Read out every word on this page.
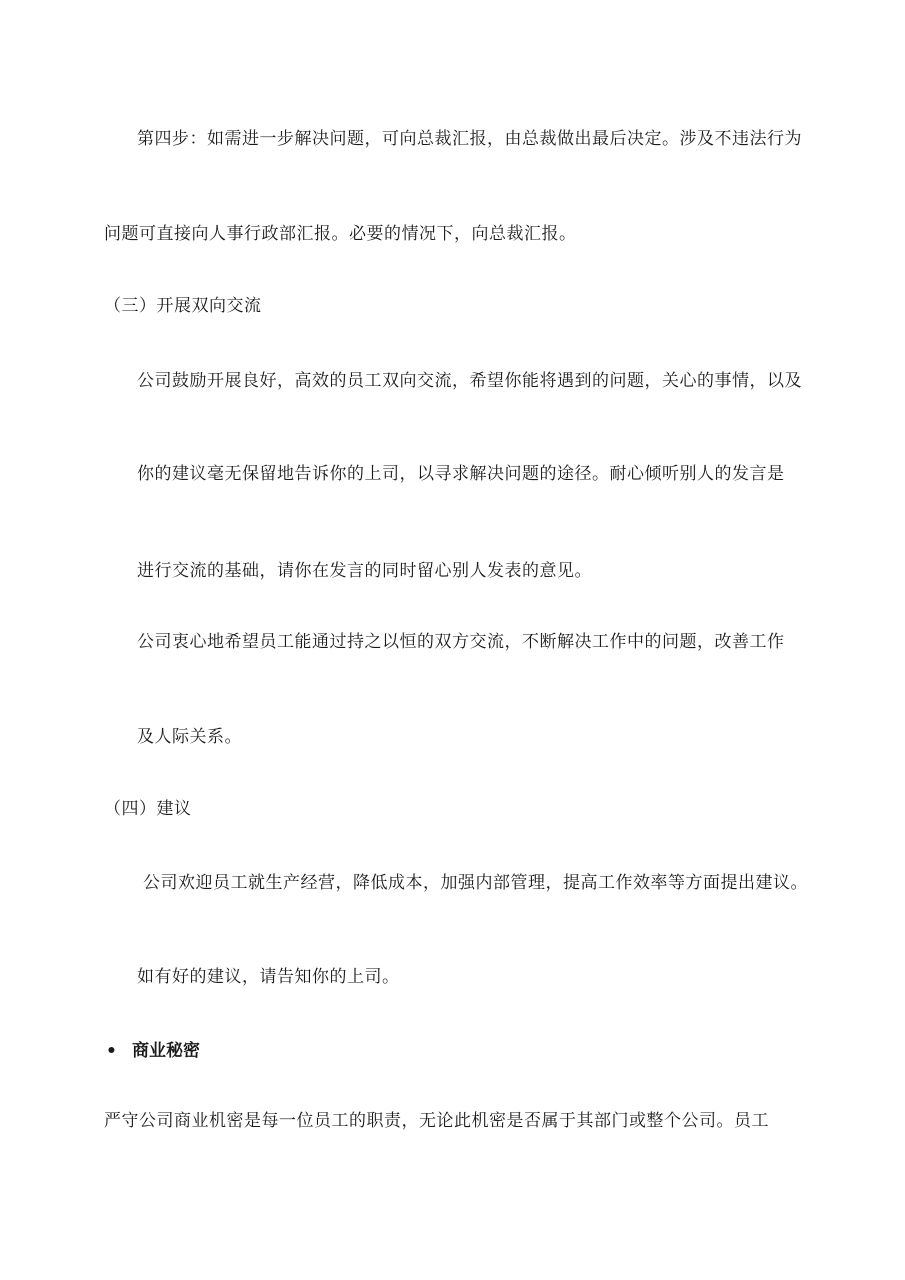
第四步：如需进一步解决问题，可向总裁汇报，由总裁做出最后决定。涉及不违法行为
问题可直接向人事行政部汇报。必要的情况下，向总裁汇报。
（三）开展双向交流
公司鼓励开展良好，高效的员工双向交流，希望你能将遇到的问题，关心的事情，以及
你的建议毫无保留地告诉你的上司，以寻求解决问题的途径。耐心倾听别人的发言是
进行交流的基础，请你在发言的同时留心别人发表的意见。
公司衷心地希望员工能通过持之以恒的双方交流，不断解决工作中的问题，改善工作
及人际关系。
（四）建议
公司欢迎员工就生产经营，降低成本，加强内部管理，提高工作效率等方面提出建议。
如有好的建议，请告知你的上司。
• 商业秘密
严守公司商业机密是每一位员工的职责，无论此机密是否属于其部门或整个公司。员工
